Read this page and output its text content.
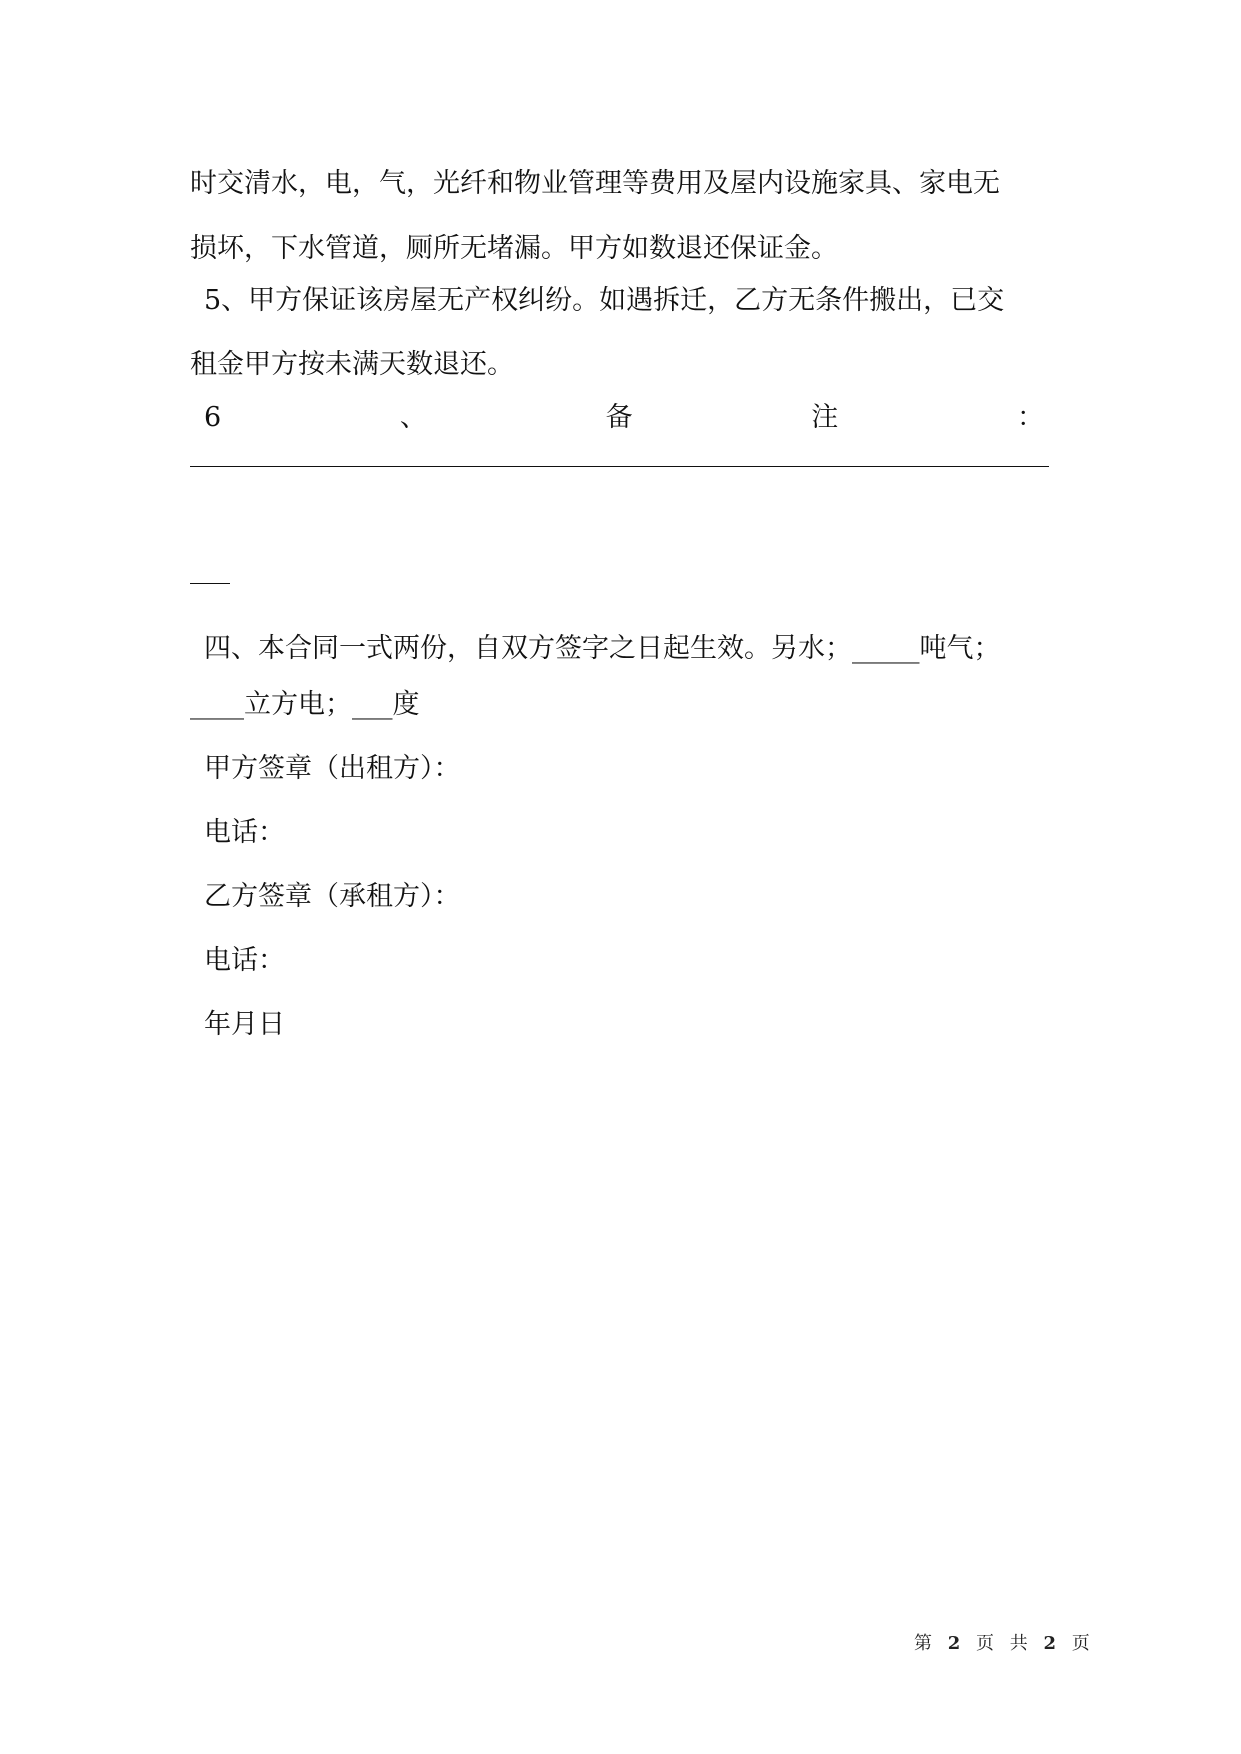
时交清水，电，气，光纤和物业管理等费用及屋内设施家具、家电无
损坏，下水管道，厕所无堵漏。甲方如数退还保证金。
5、甲方保证该房屋无产权纠纷。如遇拆迁，乙方无条件搬出，已交
租金甲方按未满天数退还。
6	、	备	注	：
四、本合同一式两份，自双方签字之日起生效。另水；_____吨气；
____立方电；___度
甲方签章（出租方）：
电话：
乙方签章（承租方）：
电话：
年月日
第 2 页 共 2 页
